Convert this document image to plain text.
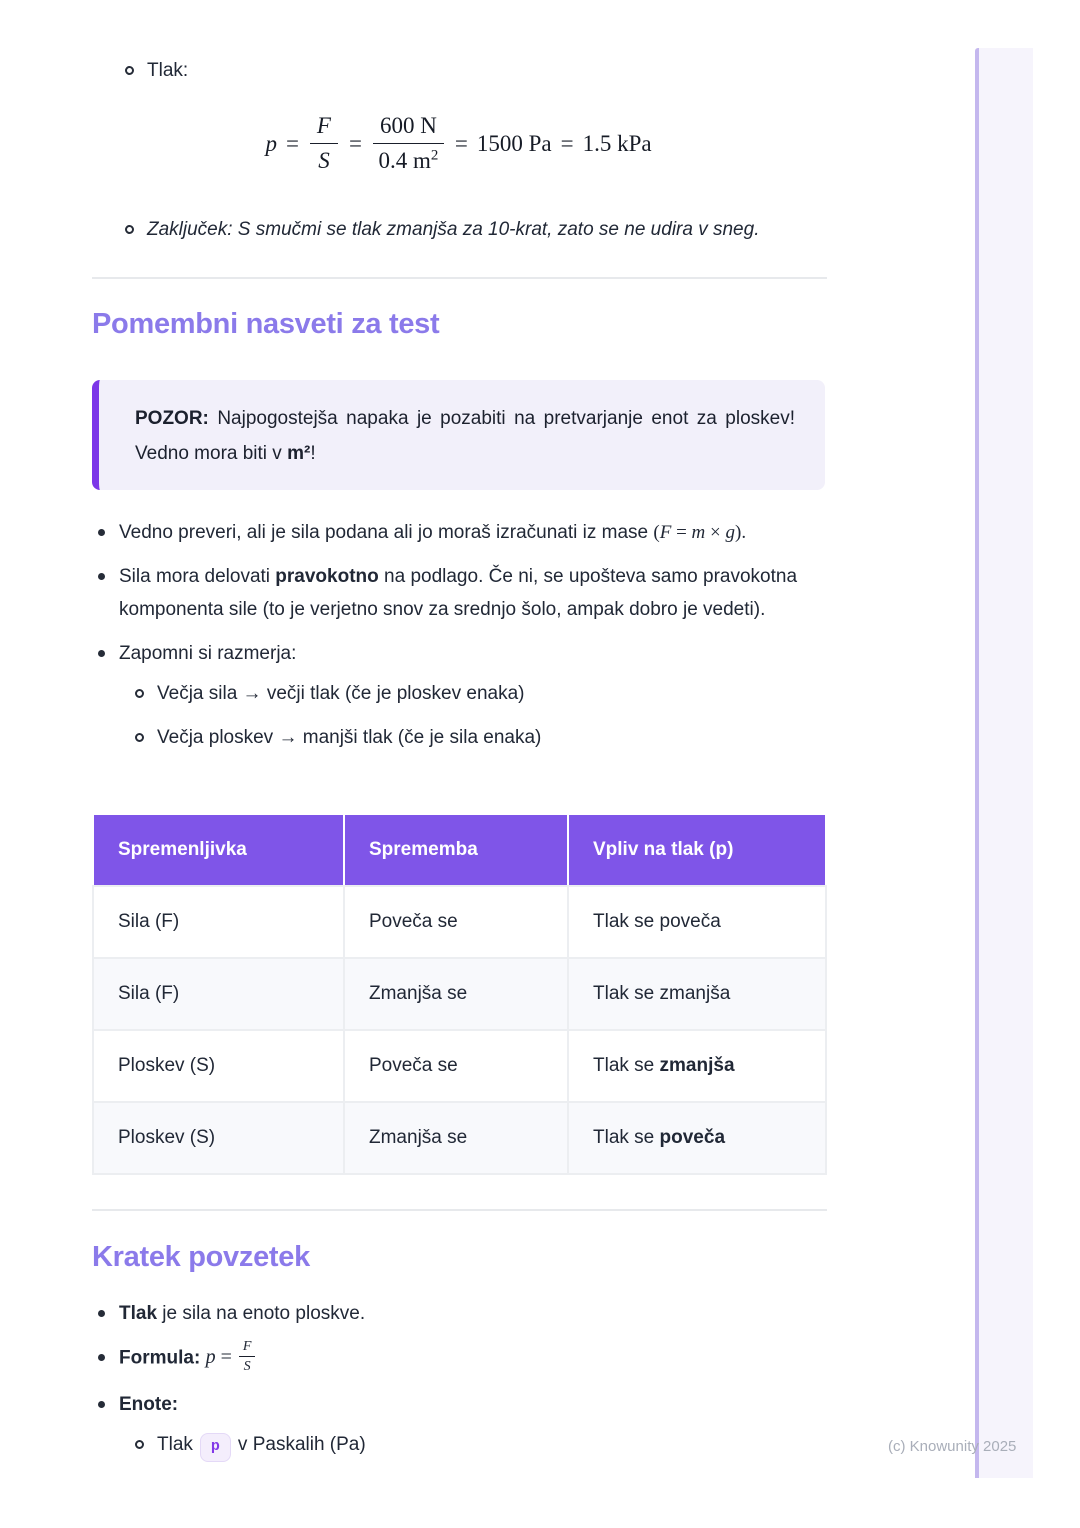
Tlak:
$p = \frac{F}{S} = \frac{600 N}{0.4 m^2} = 1500$ Pa = 1.5 kPa
Zaključek: S smučmi se tlak zmanjša za 10-krat, zato se ne udira v sneg.
Pomembni nasveti za test

POZOR: Najpogostejša napaka je pozabiti na pretvarjanje enot za ploskev! Vedno mora biti v m²!

Vedno preveri, ali je sila podana ali jo moraš izračunati iz mase (F = m × g).
Sila mora delovati pravokotno na podlago. Če ni, se upošteva samo pravokotna komponenta sile (to je verjetno snov za srednjo šolo, ampak dobro je vedeti).
Zapomni si razmerja:
Večja sila → večji tlak (če je ploskev enaka)
Večja ploskev → manjši tlak (če je sila enaka)
Spremenljivka	Sprememba	Vpliv na tlak (p)
Sila (F)	Poveča se	Tlak se poveča
Sila (F)	Zmanjša se	Tlak se zmanjša
Ploskev (S)	Poveča se	Tlak se zmanjša
Ploskev (S)	Zmanjša se	Tlak se poveča
Kratek povzetek
Tlak je sila na enoto ploskve.
Formula: $p = \frac{F}{S}$
Enote:
Tlak p v Paskalih (Pa)	(c) Knowunity 2025
